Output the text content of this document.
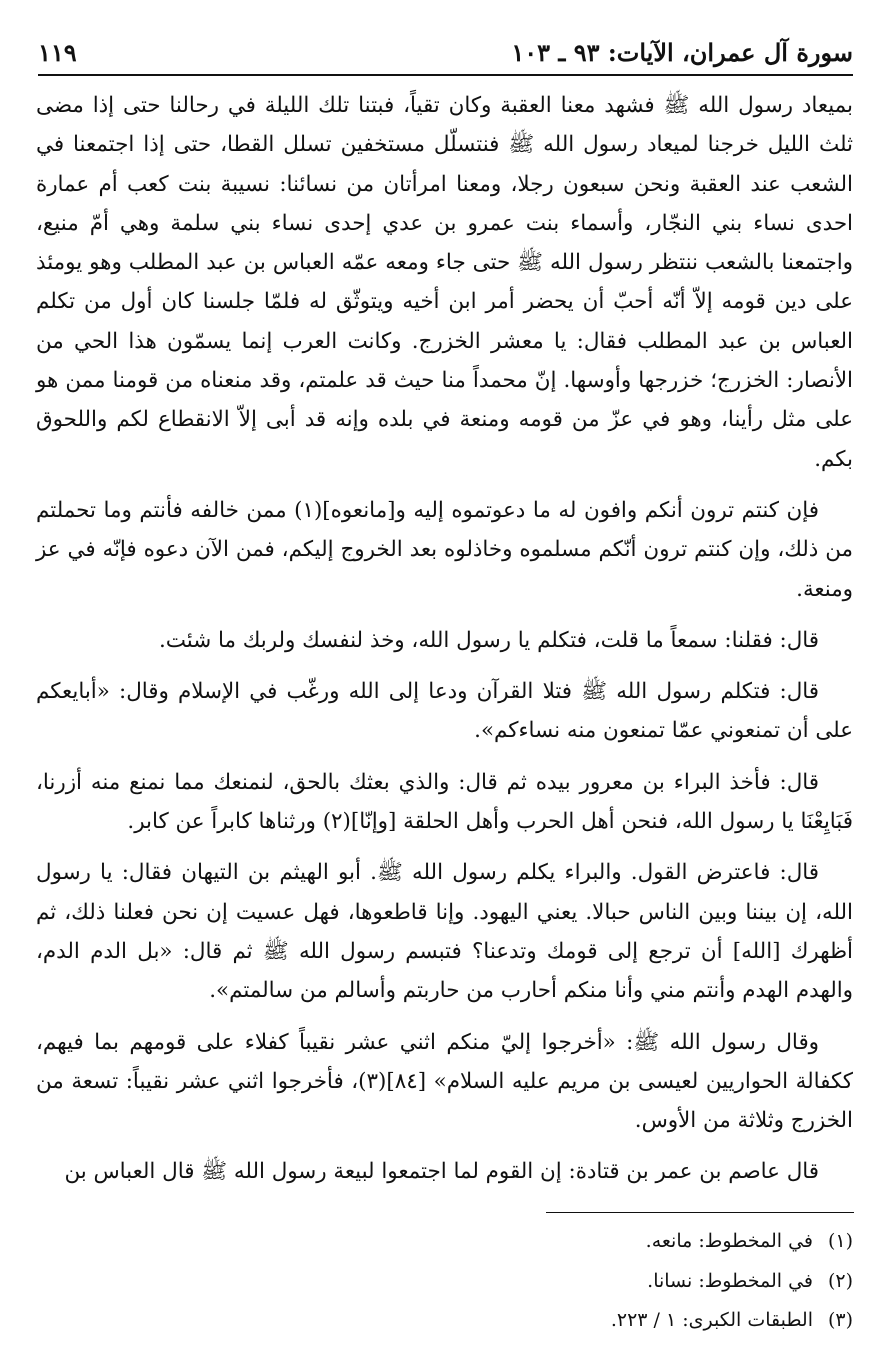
سورة آل عمران، الآيات: ٩٣ ـ ١٠٣
١١٩

بميعاد رسول الله ﷺ فشهد معنا العقبة وكان تقياً، فبتنا تلك الليلة في رحالنا حتى إذا مضى ثلث الليل خرجنا لميعاد رسول الله ﷺ فنتسلّل مستخفين تسلل القطا، حتى إذا اجتمعنا في الشعب عند العقبة ونحن سبعون رجلا، ومعنا امرأتان من نسائنا: نسيبة بنت كعب أم عمارة احدى نساء بني النجّار، وأسماء بنت عمرو بن عدي إحدى نساء بني سلمة وهي أمّ منيع، واجتمعنا بالشعب ننتظر رسول الله ﷺ حتى جاء ومعه عمّه العباس بن عبد المطلب وهو يومئذ على دين قومه إلاّ أنّه أحبّ أن يحضر أمر ابن أخيه ويتوثّق له فلمّا جلسنا كان أول من تكلم العباس بن عبد المطلب فقال: يا معشر الخزرج. وكانت العرب إنما يسمّون هذا الحي من الأنصار: الخزرج؛ خزرجها وأوسها. إنّ محمداً منا حيث قد علمتم، وقد منعناه من قومنا ممن هو على مثل رأينا، وهو في عزّ من قومه ومنعة في بلده وإنه قد أبى إلاّ الانقطاع لكم واللحوق بكم.

فإن كنتم ترون أنكم وافون له ما دعوتموه إليه و[مانعوه](١) ممن خالفه فأنتم وما تحملتم من ذلك، وإن كنتم ترون أنّكم مسلموه وخاذلوه بعد الخروج إليكم، فمن الآن دعوه فإنّه في عز ومنعة.

قال: فقلنا: سمعاً ما قلت، فتكلم يا رسول الله، وخذ لنفسك ولربك ما شئت.

قال: فتكلم رسول الله ﷺ فتلا القرآن ودعا إلى الله ورغّب في الإسلام وقال: «أبايعكم على أن تمنعوني عمّا تمنعون منه نساءكم».

قال: فأخذ البراء بن معرور بيده ثم قال: والذي بعثك بالحق، لنمنعك مما نمنع منه أزرنا، فَبَايِعْنَا يا رسول الله، فنحن أهل الحرب وأهل الحلقة [وإنّا](٢) ورثناها كابراً عن كابر.

قال: فاعترض القول. والبراء يكلم رسول الله ﷺ. أبو الهيثم بن التيهان فقال: يا رسول الله، إن بيننا وبين الناس حبالا. يعني اليهود. وإنا قاطعوها، فهل عسيت إن نحن فعلنا ذلك، ثم أظهرك [الله] أن ترجع إلى قومك وتدعنا؟ فتبسم رسول الله ﷺ ثم قال: «بل الدم الدم، والهدم الهدم وأنتم مني وأنا منكم أحارب من حاربتم وأسالم من سالمتم».

وقال رسول الله ﷺ: «أخرجوا إليّ منكم اثني عشر نقيباً كفلاء على قومهم بما فيهم، ككفالة الحواريين لعيسى بن مريم عليه السلام» [٨٤](٣)، فأخرجوا اثني عشر نقيباً: تسعة من الخزرج وثلاثة من الأوس.

قال عاصم بن عمر بن قتادة: إن القوم لما اجتمعوا لبيعة رسول الله ﷺ قال العباس بن

(١)
في المخطوط: مانعه.
(٢)
في المخطوط: نسانا.
(٣)
الطبقات الكبرى: ١ / ٢٢٣.
